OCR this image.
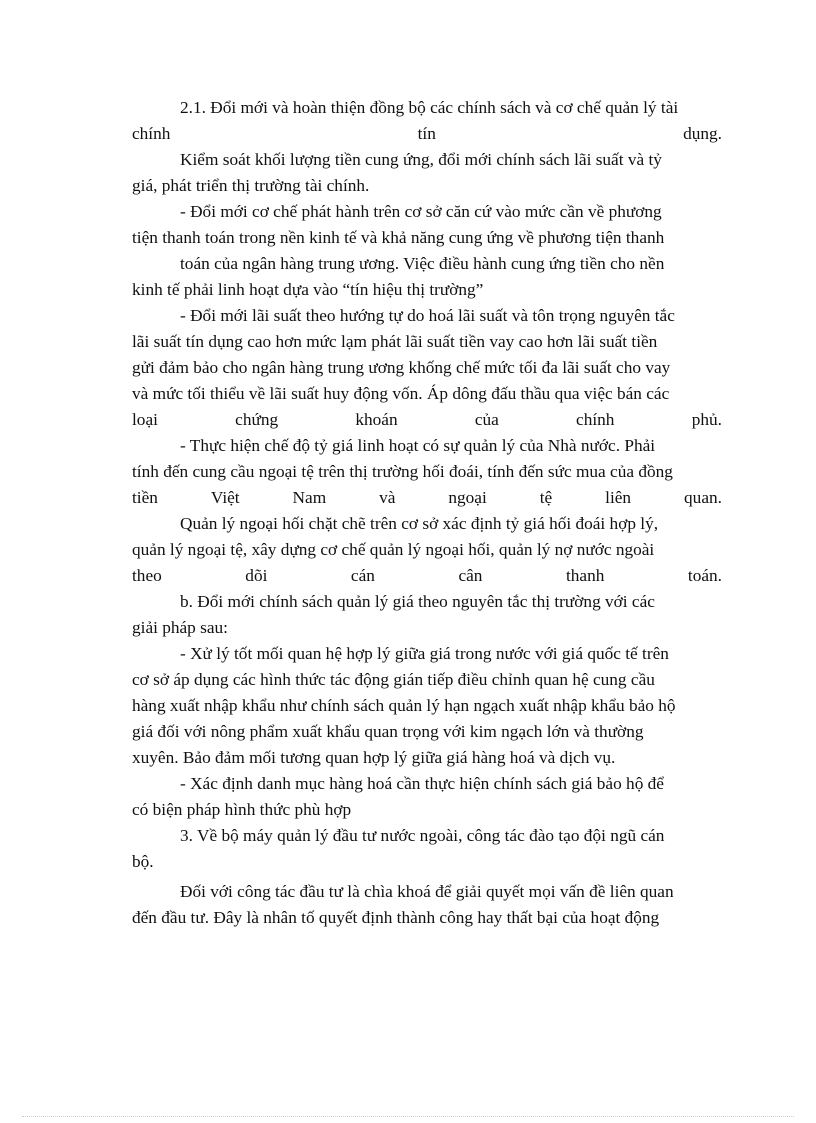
2.1. Đổi mới và hoàn thiện đồng bộ các chính sách và cơ chế quản lý tài
chính	tín	dụng.
Kiểm soát khối lượng tiền cung ứng, đổi mới chính sách lãi suất và tỷ
giá, phát triển thị trường tài chính.
- Đổi mới cơ chế phát hành trên cơ sở căn cứ vào mức cần về phương
tiện thanh toán trong nền kinh tế và khả năng cung ứng về phương tiện thanh
toán của ngân hàng trung ương. Việc điều hành cung ứng tiền cho nền
kinh tế phải linh hoạt dựa vào “tín hiệu thị trường”
- Đổi mới lãi suất theo hướng tự do hoá lãi suất và tôn trọng nguyên tắc
lãi suất tín dụng cao hơn mức lạm phát lãi suất tiền vay cao hơn lãi suất tiền
gửi đảm bảo cho ngân hàng trung ương khống chế mức tối đa lãi suất cho vay
và mức tối thiểu về lãi suất huy động vốn. Áp dông đấu thầu qua việc bán các
loại	chứng	khoán	của	chính	phủ.
- Thực hiện chế độ tỷ giá linh hoạt có sự quản lý của Nhà nước. Phải
tính đến cung cầu ngoại tệ trên thị trường hối đoái, tính đến sức mua của đồng
tiền	Việt	Nam	và	ngoại	tệ	liên	quan.
Quản lý ngoại hối chặt chẽ trên cơ sở xác định tỷ giá hối đoái hợp lý,
quản lý ngoại tệ, xây dựng cơ chế quản lý ngoại hối, quản lý nợ nước ngoài
theo	dõi	cán	cân	thanh	toán.
b. Đổi mới chính sách quản lý giá theo nguyên tắc thị trường với các
giải pháp sau:
- Xử lý tốt mối quan hệ hợp lý giữa giá trong nước với giá quốc tế trên
cơ sở áp dụng các hình thức tác động gián tiếp điều chỉnh quan hệ cung cầu
hàng xuất nhập khẩu như chính sách quản lý hạn ngạch xuất nhập khẩu bảo hộ
giá đối với nông phẩm xuất khẩu quan trọng với kim ngạch lớn và thường
xuyên. Bảo đảm mối tương quan hợp lý giữa giá hàng hoá và dịch vụ.
- Xác định danh mục hàng hoá cần thực hiện chính sách giá bảo hộ để
có biện pháp hình thức phù hợp
3. Về bộ máy quản lý đầu tư nước ngoài, công tác đào tạo đội ngũ cán
bộ.
Đối với công tác đầu tư là chìa khoá để giải quyết mọi vấn đề liên quan
đến đầu tư. Đây là nhân tố quyết định thành công hay thất bại của hoạt động
